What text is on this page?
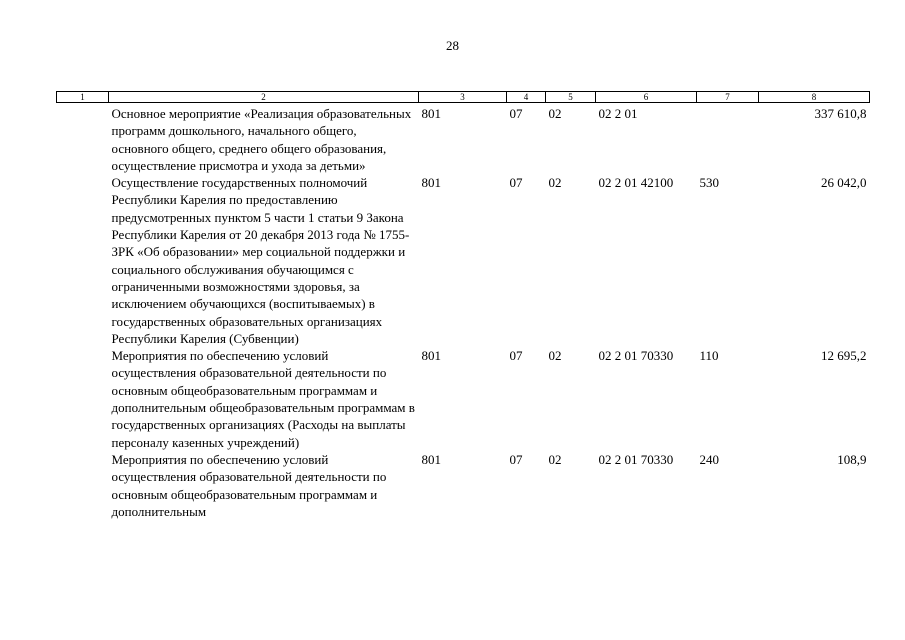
28
1	2	3	4	5	6	7	8
	Основное мероприятие «Реализация образовательных программ дошкольного, начального общего, основного общего, среднего общего образования, осуществление присмотра и ухода за детьми»	801	07	02	02 2 01		337 610,8
	Осуществление государственных полномочий Республики Карелия по предоставлению предусмотренных пунктом 5 части 1 статьи 9 Закона Республики Карелия от 20 декабря 2013 года № 1755-ЗРК «Об образовании» мер социальной поддержки и социального обслуживания обучающимся с ограниченными возможностями здоровья, за исключением обучающихся (воспитываемых) в государственных образовательных организациях Республики Карелия (Субвенции)	801	07	02	02 2 01 42100	530	26 042,0
	Мероприятия по обеспечению условий осуществления образовательной деятельности по основным общеобразовательным программам и дополнительным общеобразовательным программам в государственных организациях (Расходы на выплаты персоналу казенных учреждений)	801	07	02	02 2 01 70330	110	12 695,2
	Мероприятия по обеспечению условий осуществления образовательной деятельности по основным общеобразовательным программам и дополнительным	801	07	02	02 2 01 70330	240	108,9
